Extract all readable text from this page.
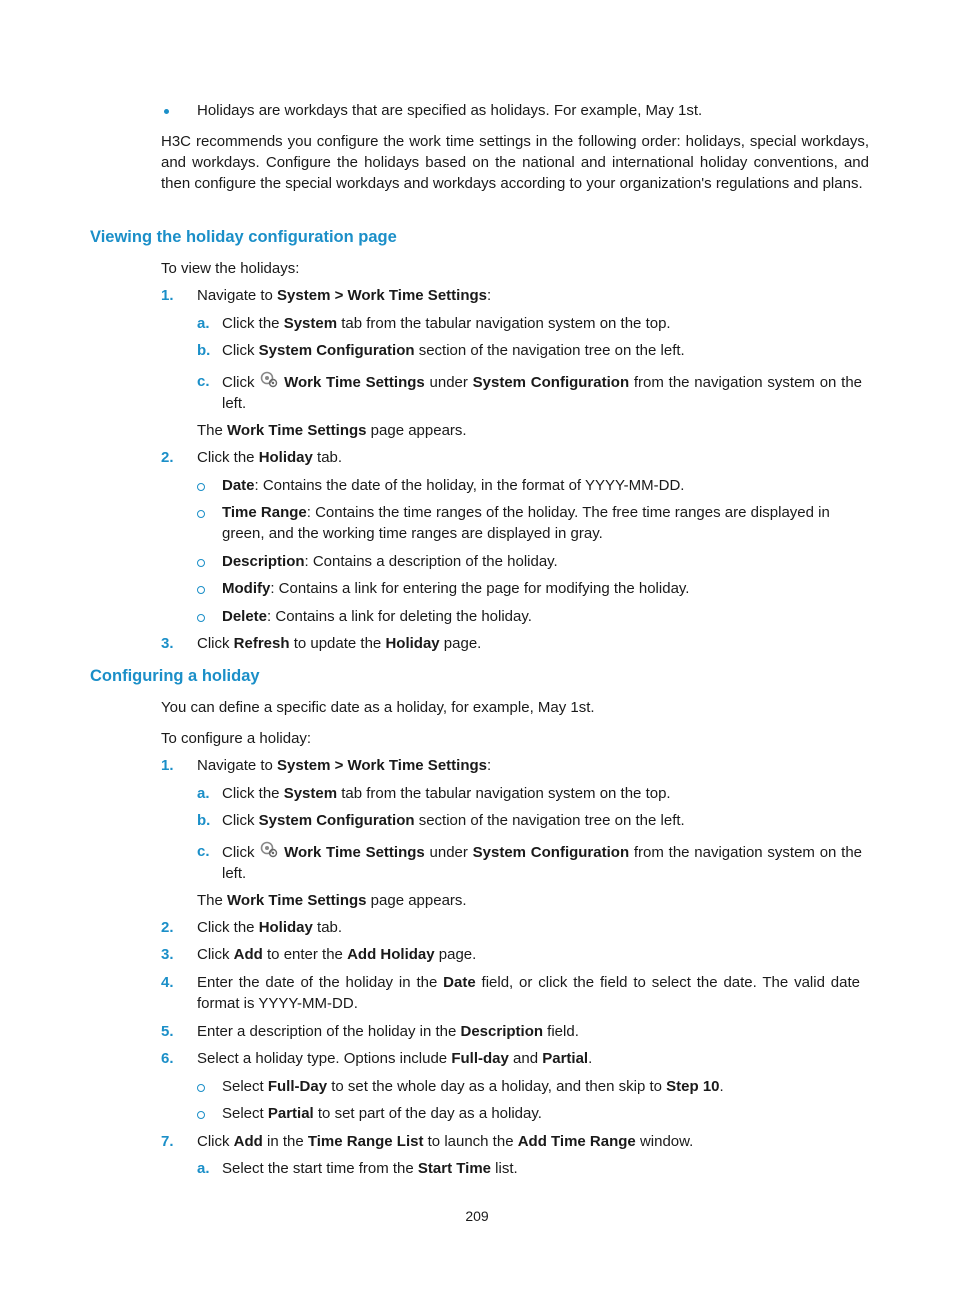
Holidays are workdays that are specified as holidays. For example, May 1st.
H3C recommends you configure the work time settings in the following order: holidays, special workdays, and workdays. Configure the holidays based on the national and international holiday conventions, and then configure the special workdays and workdays according to your organization's regulations and plans.
Viewing the holiday configuration page
To view the holidays:
1. Navigate to System > Work Time Settings:
a. Click the System tab from the tabular navigation system on the top.
b. Click System Configuration section of the navigation tree on the left.
c. Click  Work Time Settings under System Configuration from the navigation system on the left.
The Work Time Settings page appears.
2. Click the Holiday tab.
Date: Contains the date of the holiday, in the format of YYYY-MM-DD.
Time Range: Contains the time ranges of the holiday. The free time ranges are displayed in green, and the working time ranges are displayed in gray.
Description: Contains a description of the holiday.
Modify: Contains a link for entering the page for modifying the holiday.
Delete: Contains a link for deleting the holiday.
3. Click Refresh to update the Holiday page.
Configuring a holiday
You can define a specific date as a holiday, for example, May 1st.
To configure a holiday:
1. Navigate to System > Work Time Settings:
a. Click the System tab from the tabular navigation system on the top.
b. Click System Configuration section of the navigation tree on the left.
c. Click  Work Time Settings under System Configuration from the navigation system on the left.
The Work Time Settings page appears.
2. Click the Holiday tab.
3. Click Add to enter the Add Holiday page.
4. Enter the date of the holiday in the Date field, or click the field to select the date. The valid date format is YYYY-MM-DD.
5. Enter a description of the holiday in the Description field.
6. Select a holiday type. Options include Full-day and Partial.
Select Full-Day to set the whole day as a holiday, and then skip to Step 10.
Select Partial to set part of the day as a holiday.
7. Click Add in the Time Range List to launch the Add Time Range window.
a. Select the start time from the Start Time list.
209
